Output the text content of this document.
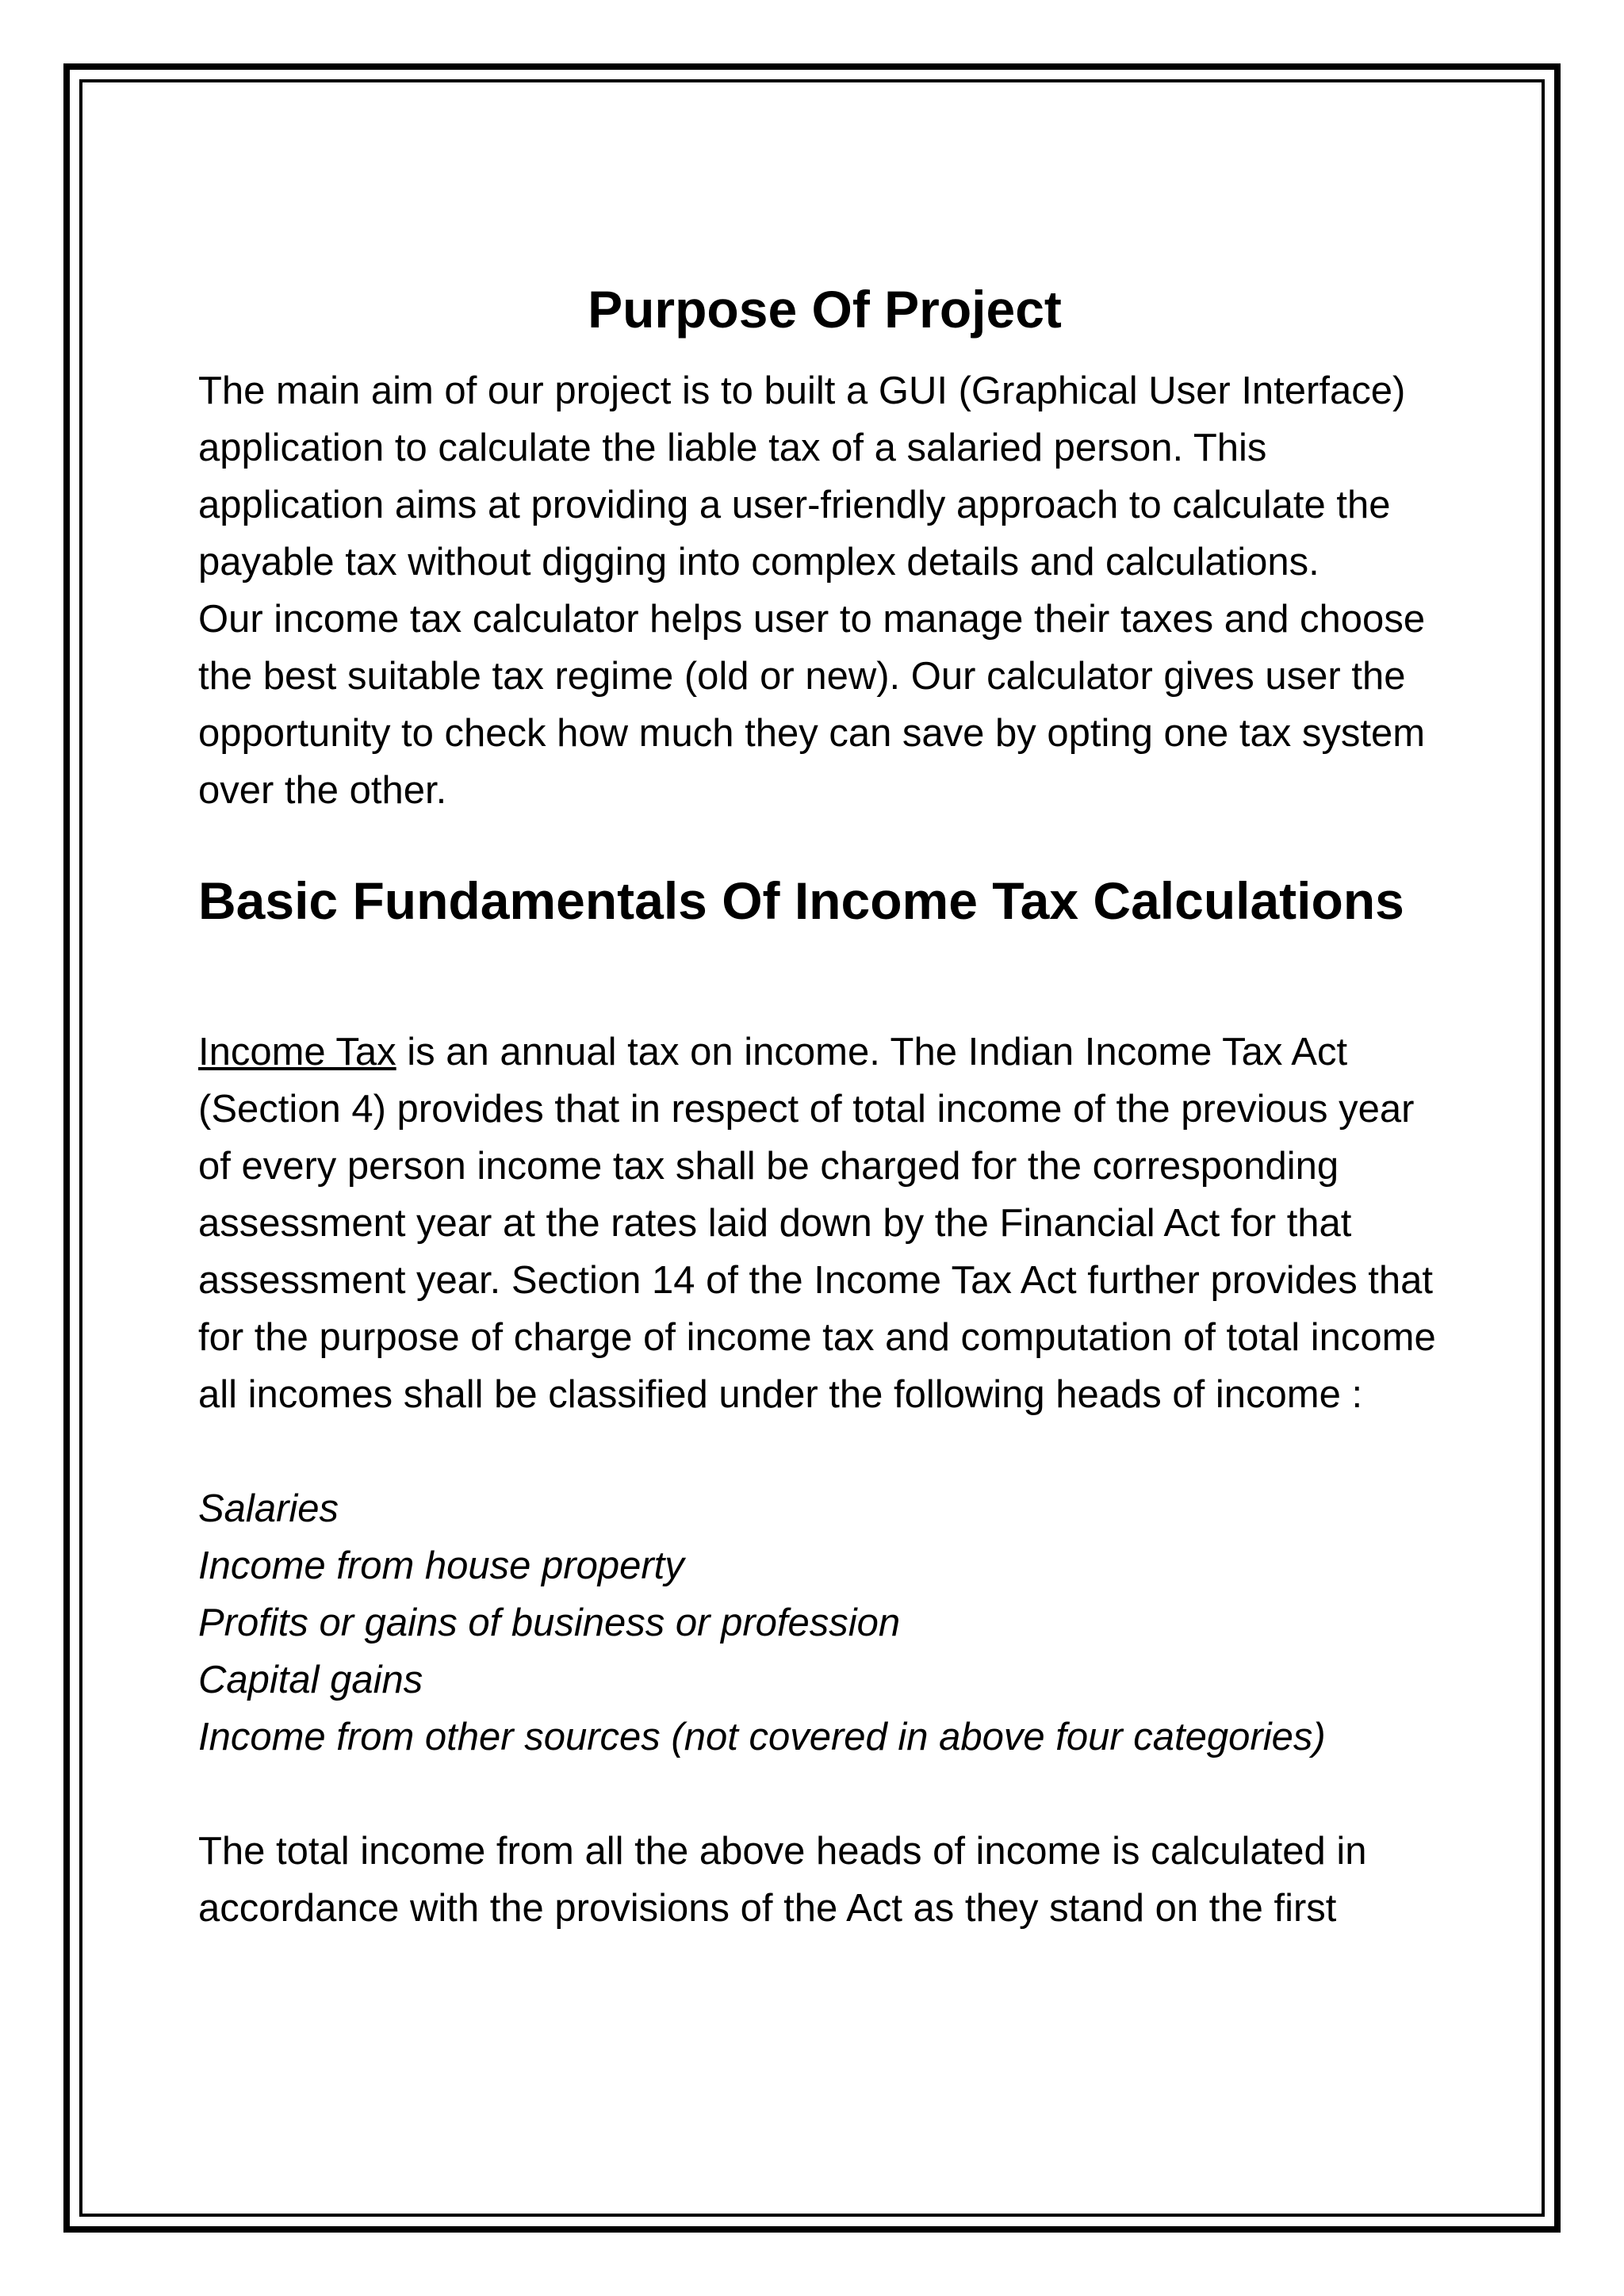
Purpose Of Project

The main aim of our project is to built a GUI (Graphical User Interface) application to calculate the liable tax of a salaried person. This application aims at providing a user-friendly approach to calculate the payable tax without digging into complex details and calculations.

Our income tax calculator helps user to manage their taxes and choose the best suitable tax regime (old or new). Our calculator gives user the opportunity to check how much they can save by opting one tax system over the other.

Basic Fundamentals Of Income Tax Calculations

Income Tax is an annual tax on income. The Indian Income Tax Act (Section 4) provides that in respect of total income of the previous year of every person income tax shall be charged for the corresponding assessment year at the rates laid down by the Financial Act for that assessment year. Section 14 of the Income Tax Act further provides that for the purpose of charge of income tax and computation of total income all incomes shall be classified under the following heads of income :

Salaries
Income from house property
Profits or gains of business or profession
Capital gains
Income from other sources (not covered in above four categories)

The total income from all the above heads of income is calculated in accordance with the provisions of the Act as they stand on the first
